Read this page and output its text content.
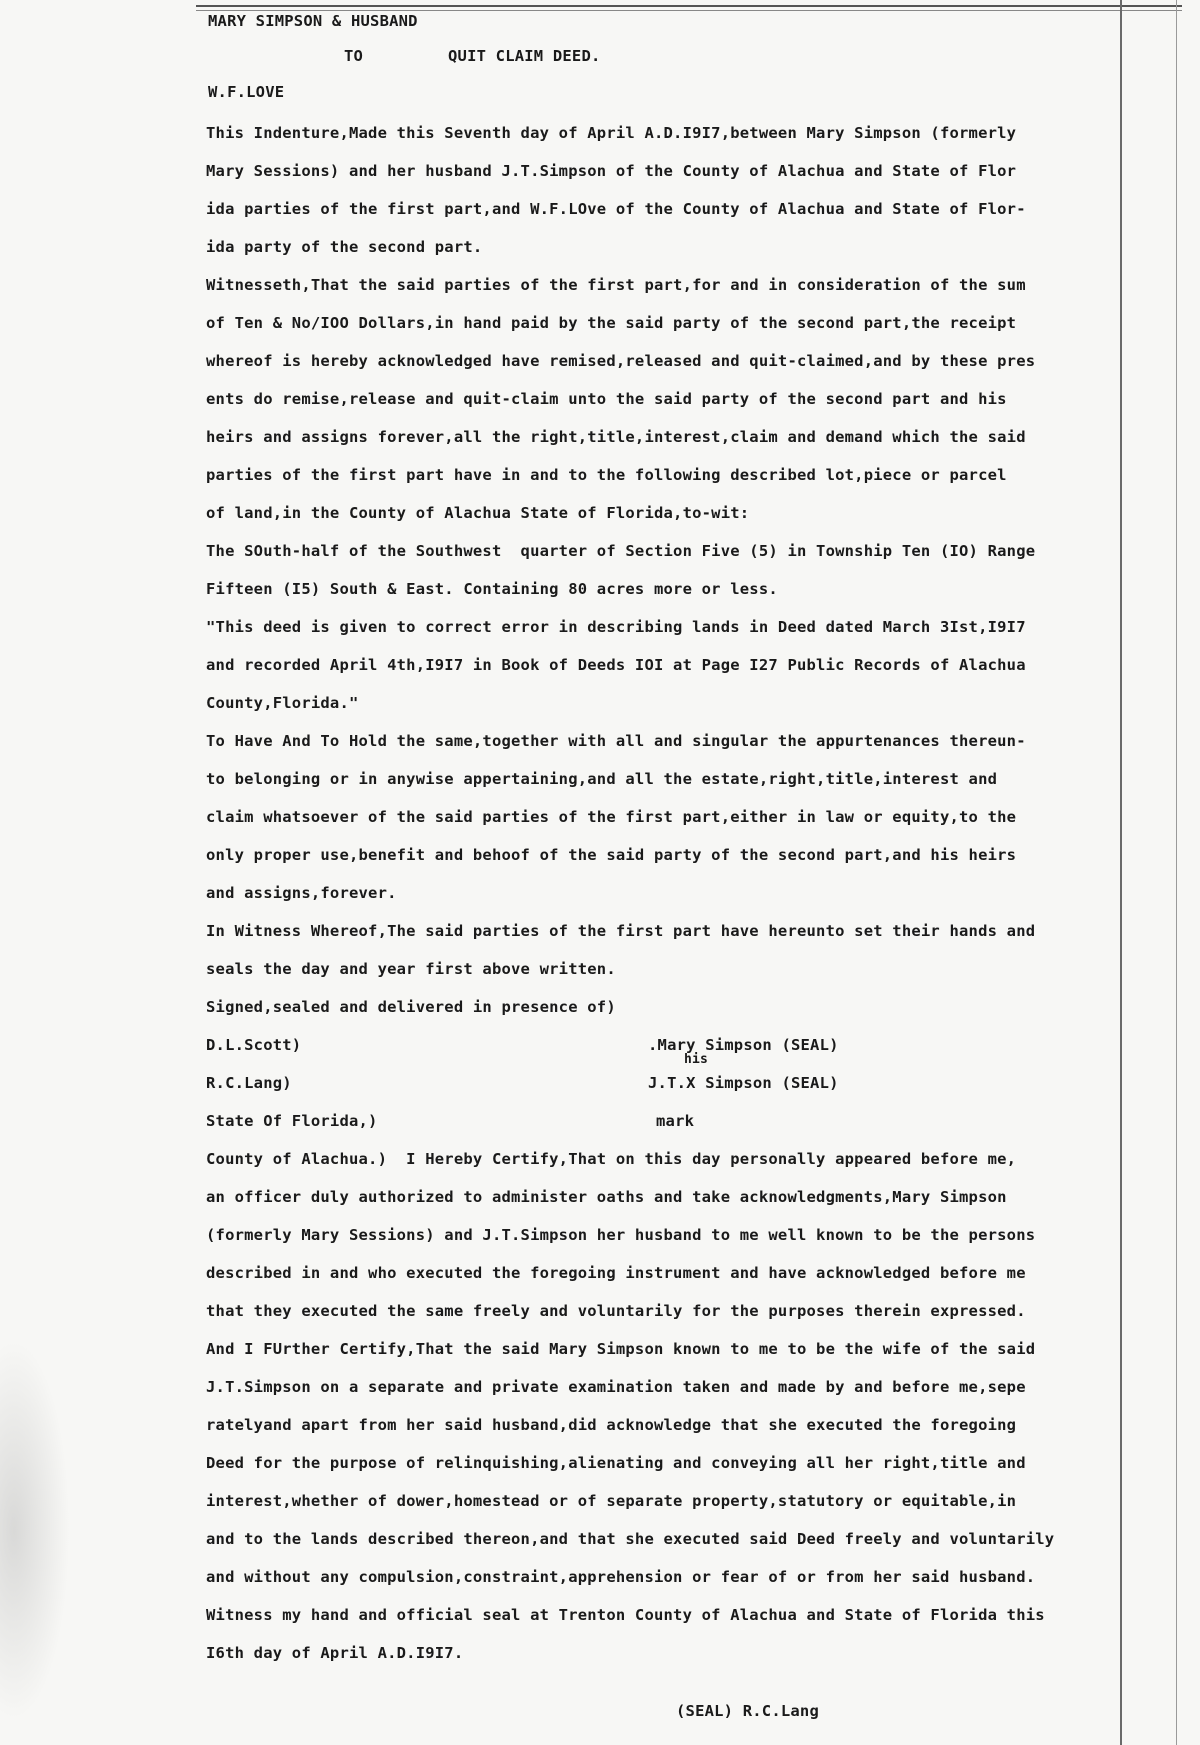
MARY SIMPSON & HUSBAND
TO	QUIT CLAIM DEED.
W.F.LOVE
This Indenture,Made this Seventh day of April A.D.I9I7,between Mary Simpson (formerly
Mary Sessions) and her husband J.T.Simpson of the County of Alachua and State of Flor
ida parties of the first part,and W.F.LOve of the County of Alachua and State of Flor-
ida party of the second part.
Witnesseth,That the said parties of the first part,for and in consideration of the sum
of Ten & No/IOO Dollars,in hand paid by the said party of the second part,the receipt
whereof is hereby acknowledged have remised,released and quit-claimed,and by these pres
ents do remise,release and quit-claim unto the said party of the second part and his
heirs and assigns forever,all the right,title,interest,claim and demand which the said
parties of the first part have in and to the following described lot,piece or parcel
of land,in the County of Alachua State of Florida,to-wit:
The SOuth-half of the Southwest  quarter of Section Five (5) in Township Ten (IO) Range
Fifteen (I5) South & East. Containing 80 acres more or less.
"This deed is given to correct error in describing lands in Deed dated March 3Ist,I9I7
and recorded April 4th,I9I7 in Book of Deeds IOI at Page I27 Public Records of Alachua
County,Florida."
To Have And To Hold the same,together with all and singular the appurtenances thereun-
to belonging or in anywise appertaining,and all the estate,right,title,interest and
claim whatsoever of the said parties of the first part,either in law or equity,to the
only proper use,benefit and behoof of the said party of the second part,and his heirs
and assigns,forever.
In Witness Whereof,The said parties of the first part have hereunto set their hands and
seals the day and year first above written.
Signed,sealed and delivered in presence of)
D.L.Scott)	.Mary Simpson (SEAL)
his
R.C.Lang)	J.T.X Simpson (SEAL)
State Of Florida,)	mark
County of Alachua.)  I Hereby Certify,That on this day personally appeared before me,
an officer duly authorized to administer oaths and take acknowledgments,Mary Simpson
(formerly Mary Sessions) and J.T.Simpson her husband to me well known to be the persons
described in and who executed the foregoing instrument and have acknowledged before me
that they executed the same freely and voluntarily for the purposes therein expressed.
And I FUrther Certify,That the said Mary Simpson known to me to be the wife of the said
J.T.Simpson on a separate and private examination taken and made by and before me,sepe
ratelyand apart from her said husband,did acknowledge that she executed the foregoing
Deed for the purpose of relinquishing,alienating and conveying all her right,title and
interest,whether of dower,homestead or of separate property,statutory or equitable,in
and to the lands described thereon,and that she executed said Deed freely and voluntarily
and without any compulsion,constraint,apprehension or fear of or from her said husband.
Witness my hand and official seal at Trenton County of Alachua and State of Florida this
I6th day of April A.D.I9I7.
(SEAL) R.C.Lang
